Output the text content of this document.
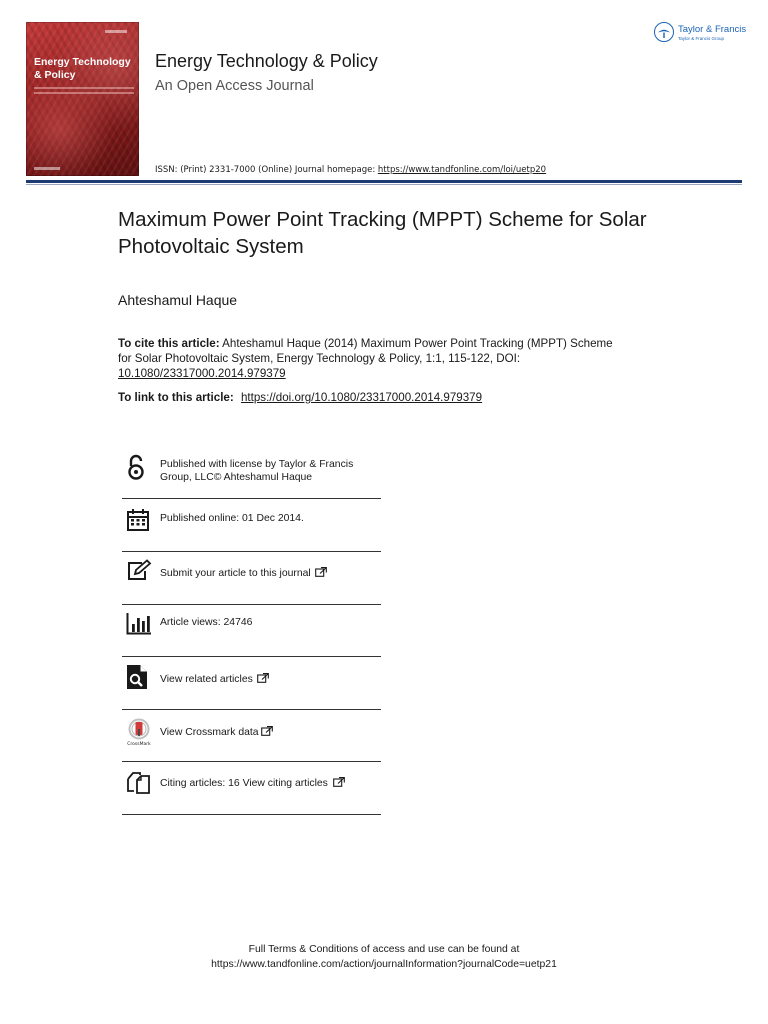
Energy Technology & Policy
Energy Technology & Policy
An Open Access Journal
ISSN: (Print) 2331-7000 (Online) Journal homepage: https://www.tandfonline.com/loi/uetp20
Taylor & Francis
Taylor & Francis Group
Maximum Power Point Tracking (MPPT) Scheme for Solar Photovoltaic System
Ahteshamul Haque
To cite this article: Ahteshamul Haque (2014) Maximum Power Point Tracking (MPPT) Scheme for Solar Photovoltaic System, Energy Technology & Policy, 1:1, 115-122, DOI: 10.1080/23317000.2014.979379
To link to this article: https://doi.org/10.1080/23317000.2014.979379
Published with license by Taylor & Francis Group, LLC© Ahteshamul Haque
Published online: 01 Dec 2014.
Submit your article to this journal
Article views: 24746
View related articles
CrossMark
View Crossmark data
Citing articles: 16 View citing articles
Full Terms & Conditions of access and use can be found at
https://www.tandfonline.com/action/journalInformation?journalCode=uetp21
